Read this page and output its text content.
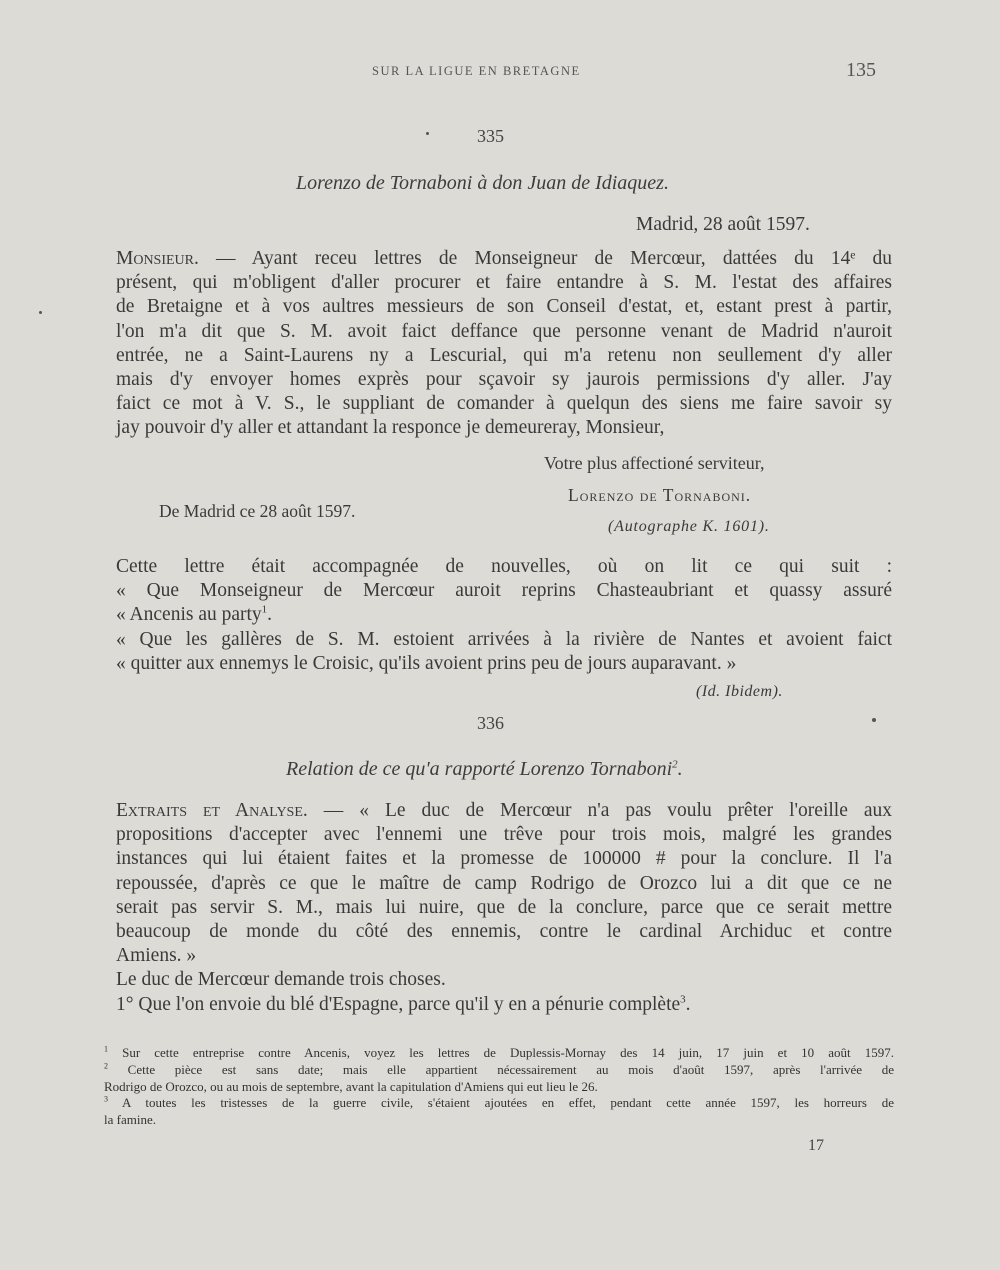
SUR LA LIGUE EN BRETAGNE	135
335
Lorenzo de Tornaboni à don Juan de Idiaquez.
Madrid, 28 août 1597.
Monsieur. — Ayant receu lettres de Monseigneur de Mercœur, dattées du 14ᵉ du
présent, qui m'obligent d'aller procurer et faire entandre à S. M. l'estat des affaires
de Bretaigne et à vos aultres messieurs de son Conseil d'estat, et, estant prest à partir,
l'on m'a dit que S. M. avoit faict deffance que personne venant de Madrid n'auroit
entrée, ne a Saint-Laurens ny a Lescurial, qui m'a retenu non seullement d'y aller
mais d'y envoyer homes exprès pour sçavoir sy jaurois permissions d'y aller. J'ay
faict ce mot à V. S., le suppliant de comander à quelqun des siens me faire savoir sy
jay pouvoir d'y aller et attandant la responce je demeureray, Monsieur,
Votre plus affectioné serviteur,
Lorenzo de Tornaboni.
De Madrid ce 28 août 1597.
(Autographe K. 1601).
Cette lettre était accompagnée de nouvelles, où on lit ce qui suit :
« Que Monseigneur de Mercœur auroit reprins Chasteaubriant et quassy assuré
« Ancenis au party$^1$.
« Que les gallères de S. M. estoient arrivées à la rivière de Nantes et avoient faict
« quitter aux ennemys le Croisic, qu'ils avoient prins peu de jours auparavant. »
(Id. Ibidem).
336
Relation de ce qu'a rapporté Lorenzo Tornaboni$^2$.
Extraits et Analyse. — « Le duc de Mercœur n'a pas voulu prêter l'oreille aux
propositions d'accepter avec l'ennemi une trêve pour trois mois, malgré les grandes
instances qui lui étaient faites et la promesse de 100000 # pour la conclure. Il l'a
repoussée, d'après ce que le maître de camp Rodrigo de Orozco lui a dit que ce ne
serait pas servir S. M., mais lui nuire, que de la conclure, parce que ce serait mettre
beaucoup de monde du côté des ennemis, contre le cardinal Archiduc et contre
Amiens. »
Le duc de Mercœur demande trois choses.
1° Que l'on envoie du blé d'Espagne, parce qu'il y en a pénurie complète$^3$.
$^1$ Sur cette entreprise contre Ancenis, voyez les lettres de Duplessis-Mornay des 14 juin, 17 juin et 10 août 1597.
$^2$ Cette pièce est sans date; mais elle appartient nécessairement au mois d'août 1597, après l'arrivée de
Rodrigo de Orozco, ou au mois de septembre, avant la capitulation d'Amiens qui eut lieu le 26.
$^3$ A toutes les tristesses de la guerre civile, s'étaient ajoutées en effet, pendant cette année 1597, les horreurs de
la famine.
17
